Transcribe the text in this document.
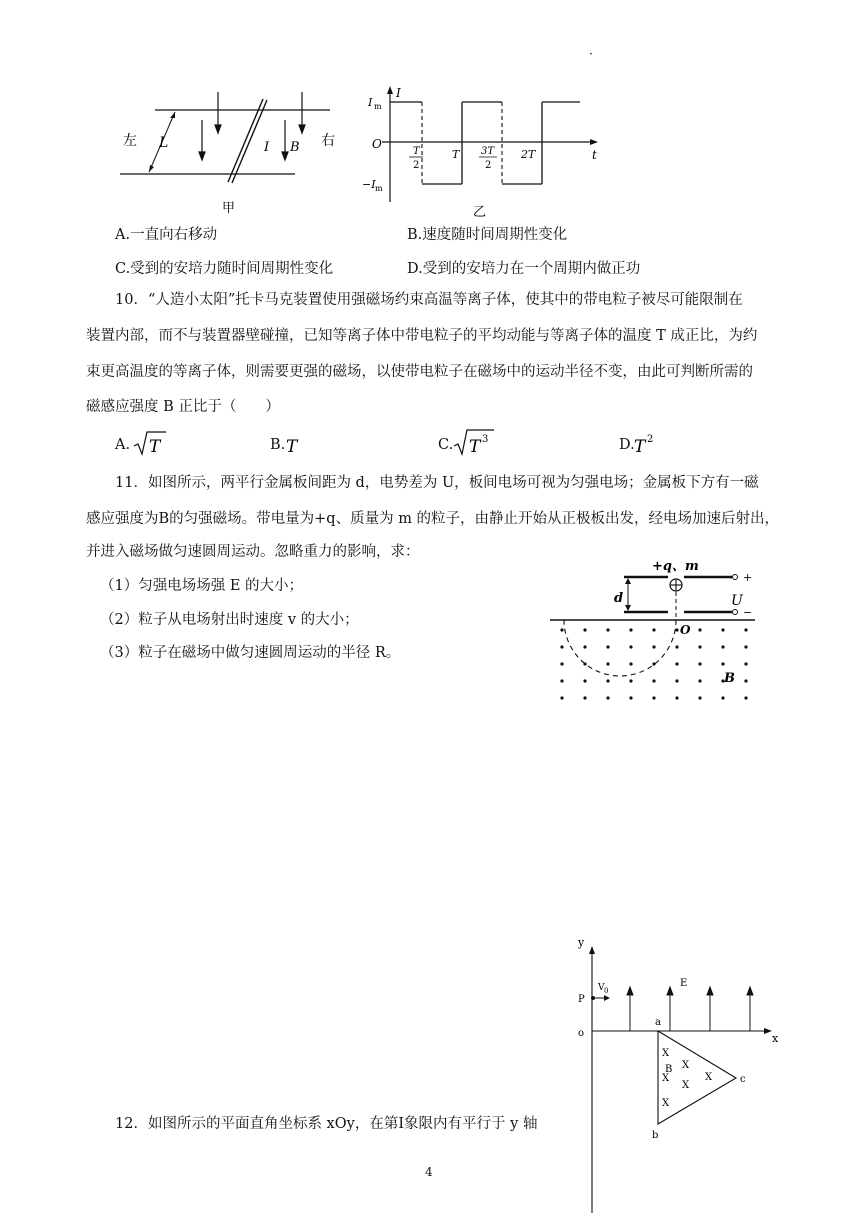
·
左 L	I B 右
甲
I
t
I m
−I m
O
T
2
T 3T
2
2T
乙
A.一直向右移动	B.速度随时间周期性变化
C.受到的安培力随时间周期性变化	D.受到的安培力在一个周期内做正功
10．“人造小太阳”托卡马克装置使用强磁场约束高温等离子体，使其中的带电粒子被尽可能限制在
装置内部，而不与装置器壁碰撞，已知等离子体中带电粒子的平均动能与等离子体的温度 T 成正比，为约
束更高温度的等离子体，则需要更强的磁场，以使带电粒子在磁场中的运动半径不变，由此可判断所需的
磁感应强度 B 正比于（　　）
A. T	B. T	C. T 3	D. T 2
11．如图所示，两平行金属板间距为 d，电势差为 U，板间电场可视为匀强电场；金属板下方有一磁
感应强度为B的匀强磁场。带电量为+q、质量为 m 的粒子，由静止开始从正极板出发，经电场加速后射出，
并进入磁场做匀速圆周运动。忽略重力的影响，求：
（1）匀强电场场强 E 的大小；
（2）粒子从电场射出时速度 v 的大小；
（3）粒子在磁场中做匀速圆周运动的半径 R。
+q、m
d	U
+
−
O
B
y
x
o
P
V 0
E
a
b
c
X
X
X
X
X
X
B
12．如图所示的平面直角坐标系 xOy，在第Ⅰ象限内有平行于 y 轴
4
